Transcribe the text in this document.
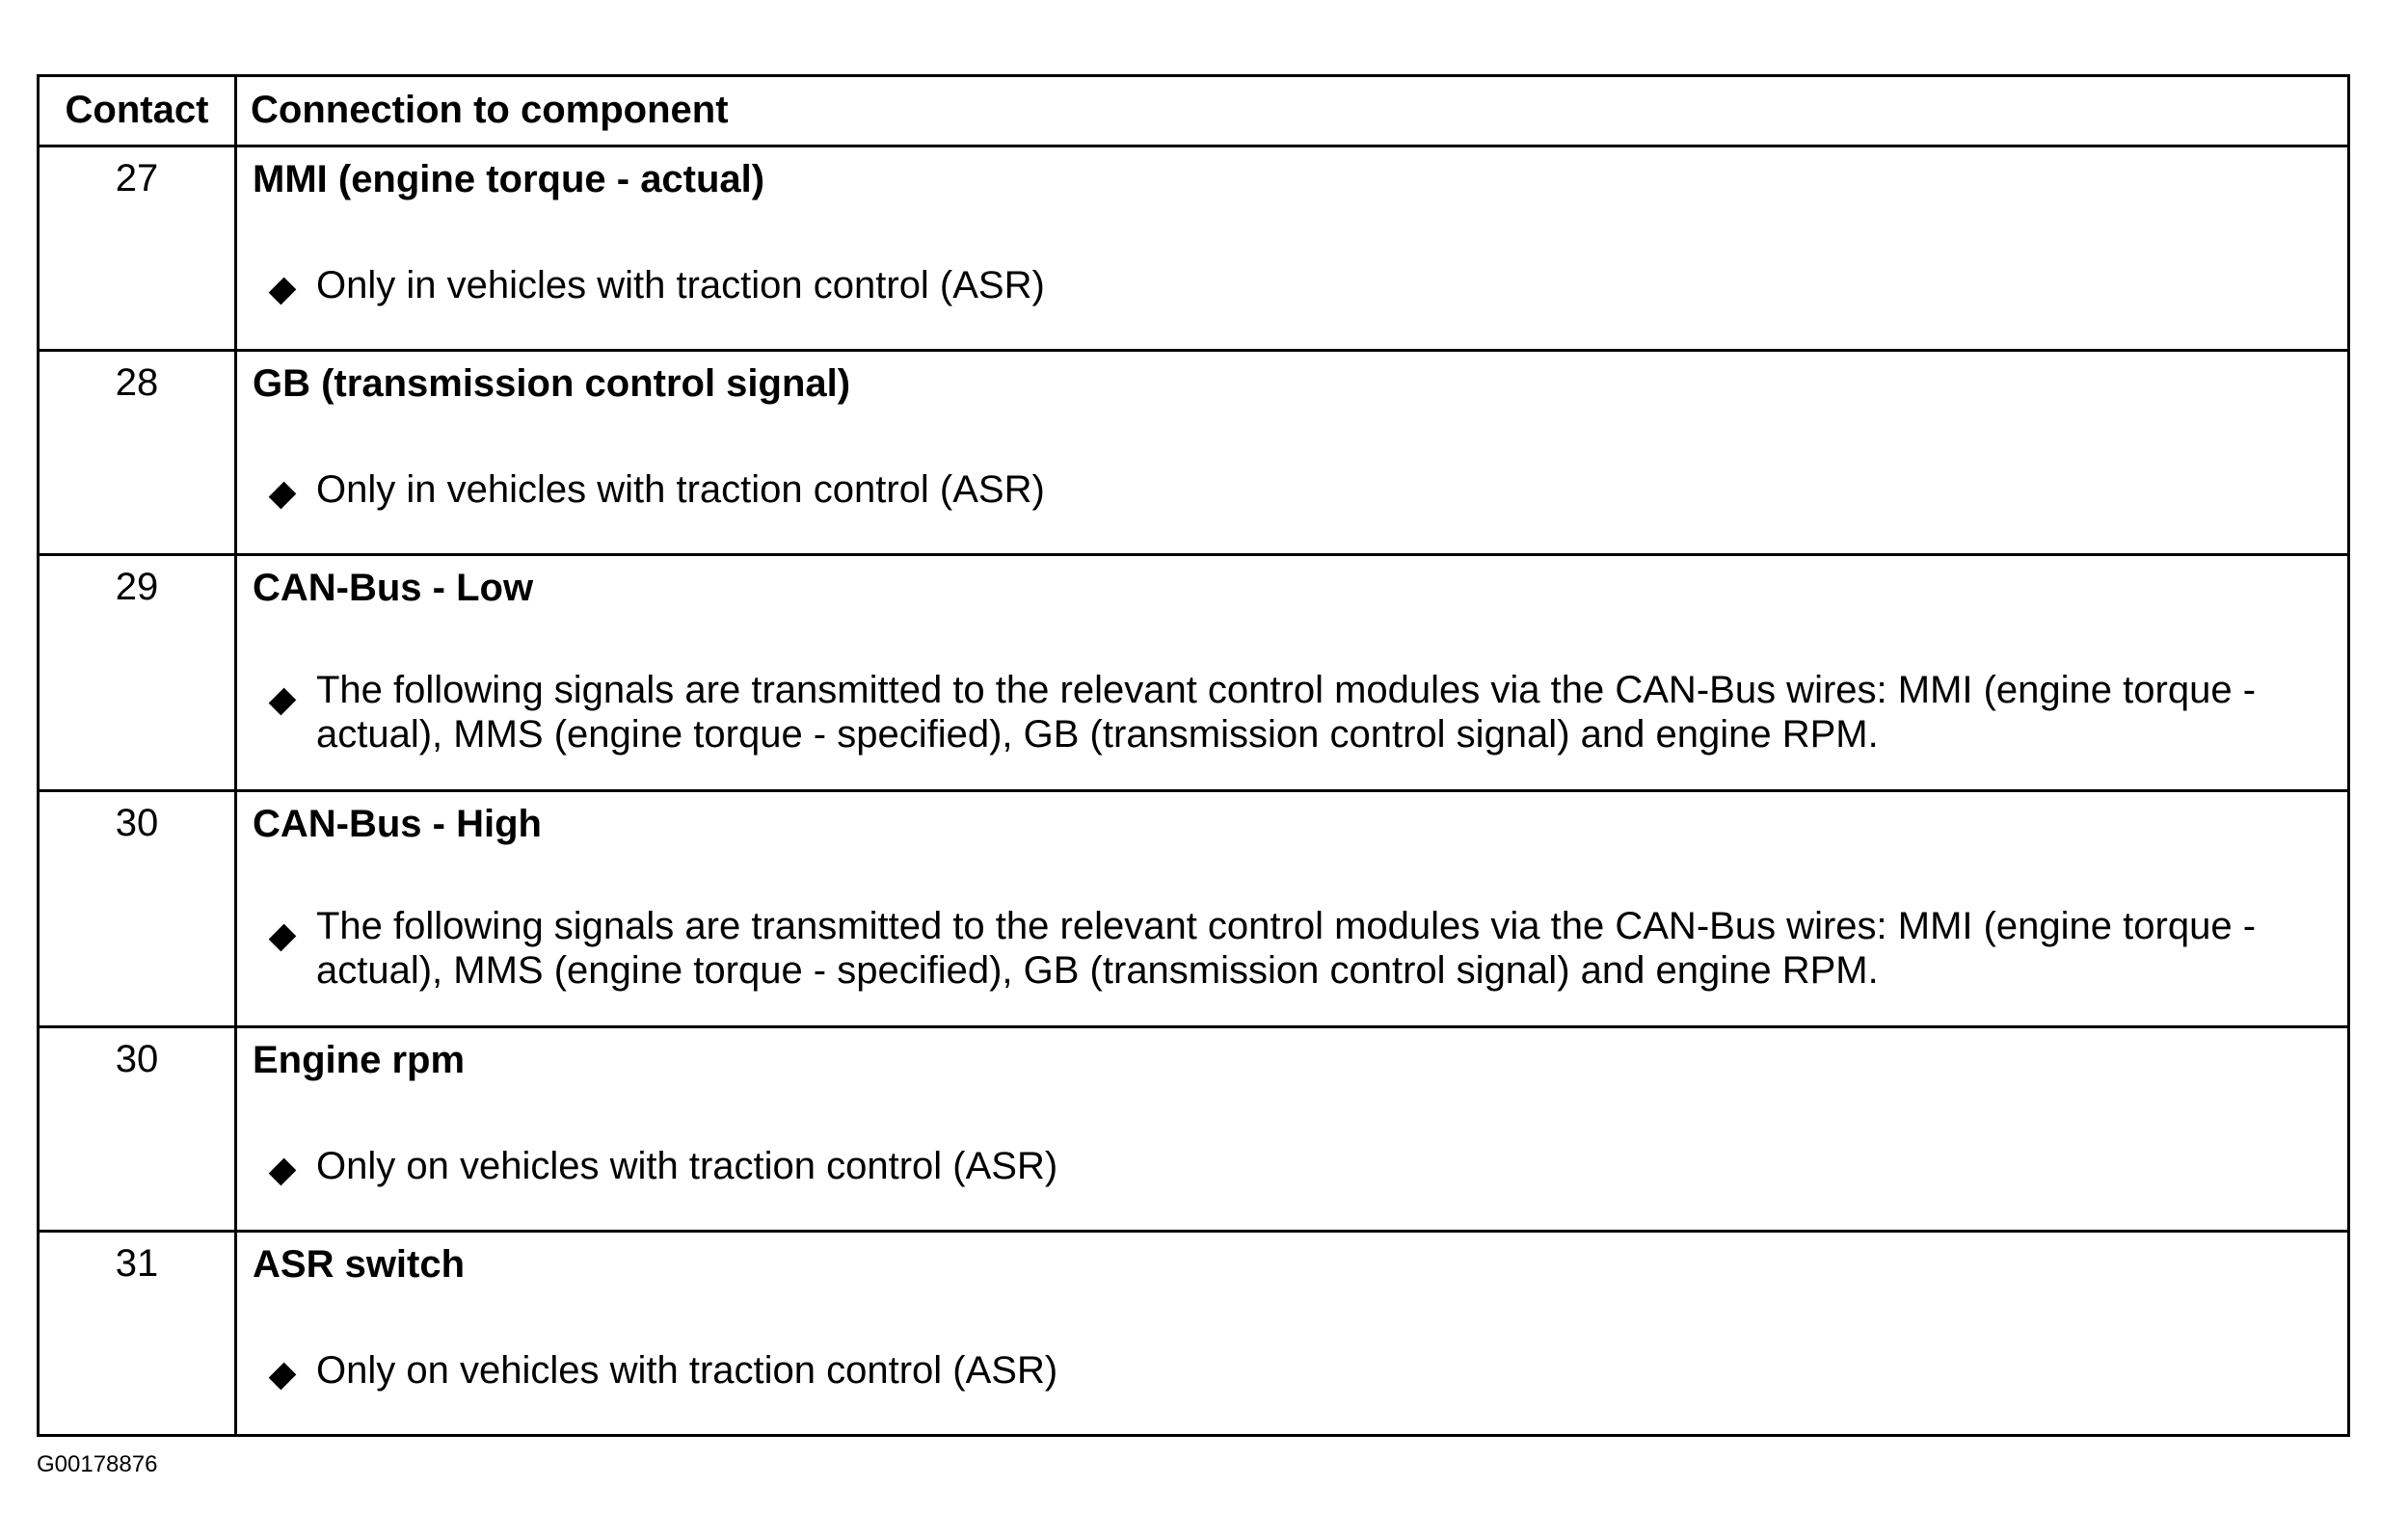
Contact	Connection to component
27	MMI (engine torque - actual)

Only in vehicles with traction control (ASR)

28	GB (transmission control signal)

Only in vehicles with traction control (ASR)

29	CAN-Bus - Low

The following signals are transmitted to the relevant control modules via the CAN-Bus wires: MMI (engine torque - actual), MMS (engine torque - specified), GB (transmission control signal) and engine RPM.

30	CAN-Bus - High

The following signals are transmitted to the relevant control modules via the CAN-Bus wires: MMI (engine torque - actual), MMS (engine torque - specified), GB (transmission control signal) and engine RPM.

30	Engine rpm

Only on vehicles with traction control (ASR)

31	ASR switch

Only on vehicles with traction control (ASR)
G00178876
